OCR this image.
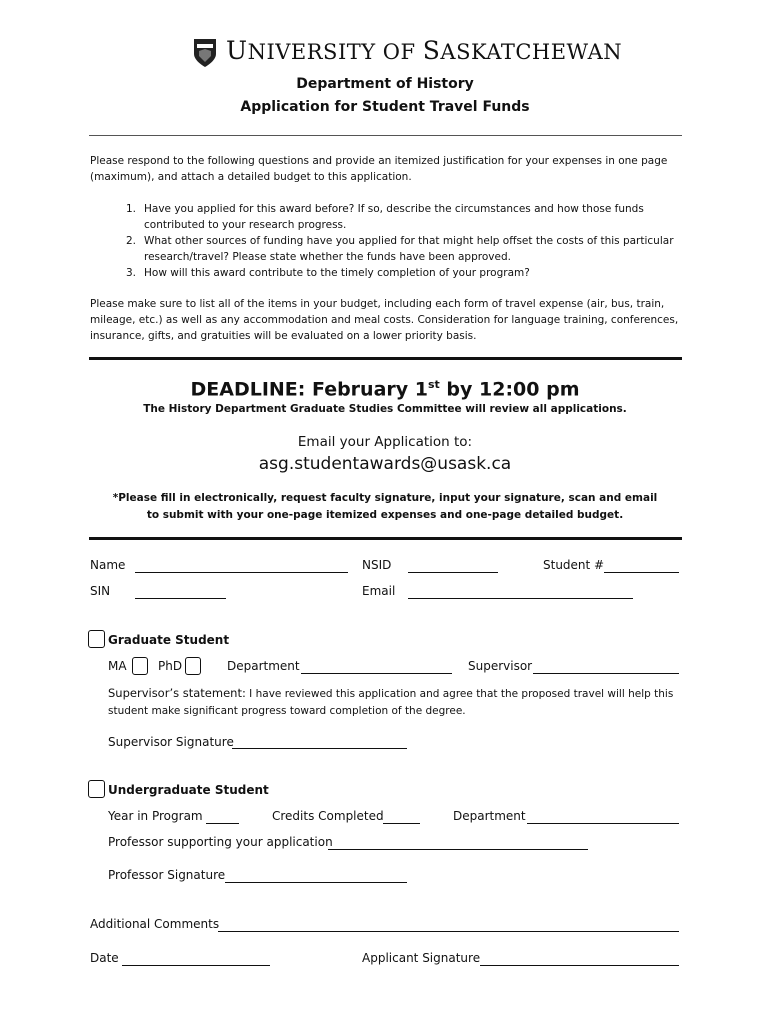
UNIVERSITY OF SASKATCHEWAN
Department of History
Application for Student Travel Funds
Please respond to the following questions and provide an itemized justification for your expenses in one page (maximum), and attach a detailed budget to this application.
1. Have you applied for this award before? If so, describe the circumstances and how those funds contributed to your research progress.
2. What other sources of funding have you applied for that might help offset the costs of this particular research/travel? Please state whether the funds have been approved.
3. How will this award contribute to the timely completion of your program?
Please make sure to list all of the items in your budget, including each form of travel expense (air, bus, train, mileage, etc.) as well as any accommodation and meal costs. Consideration for language training, conferences, insurance, gifts, and gratuities will be evaluated on a lower priority basis.
DEADLINE: February 1st by 12:00 pm
The History Department Graduate Studies Committee will review all applications.
Email your Application to:
asg.studentawards@usask.ca
*Please fill in electronically, request faculty signature, input your signature, scan and email
to submit with your one-page itemized expenses and one-page detailed budget.
Name	NSID	Student #
SIN	Email
Graduate Student
MA	PhD	Department	Supervisor
Supervisor’s statement: I have reviewed this application and agree that the proposed travel will help this student make significant progress toward completion of the degree.
Supervisor Signature
Undergraduate Student
Year in Program	Credits Completed	Department
Professor supporting your application
Professor Signature
Additional Comments
Date	Applicant Signature
